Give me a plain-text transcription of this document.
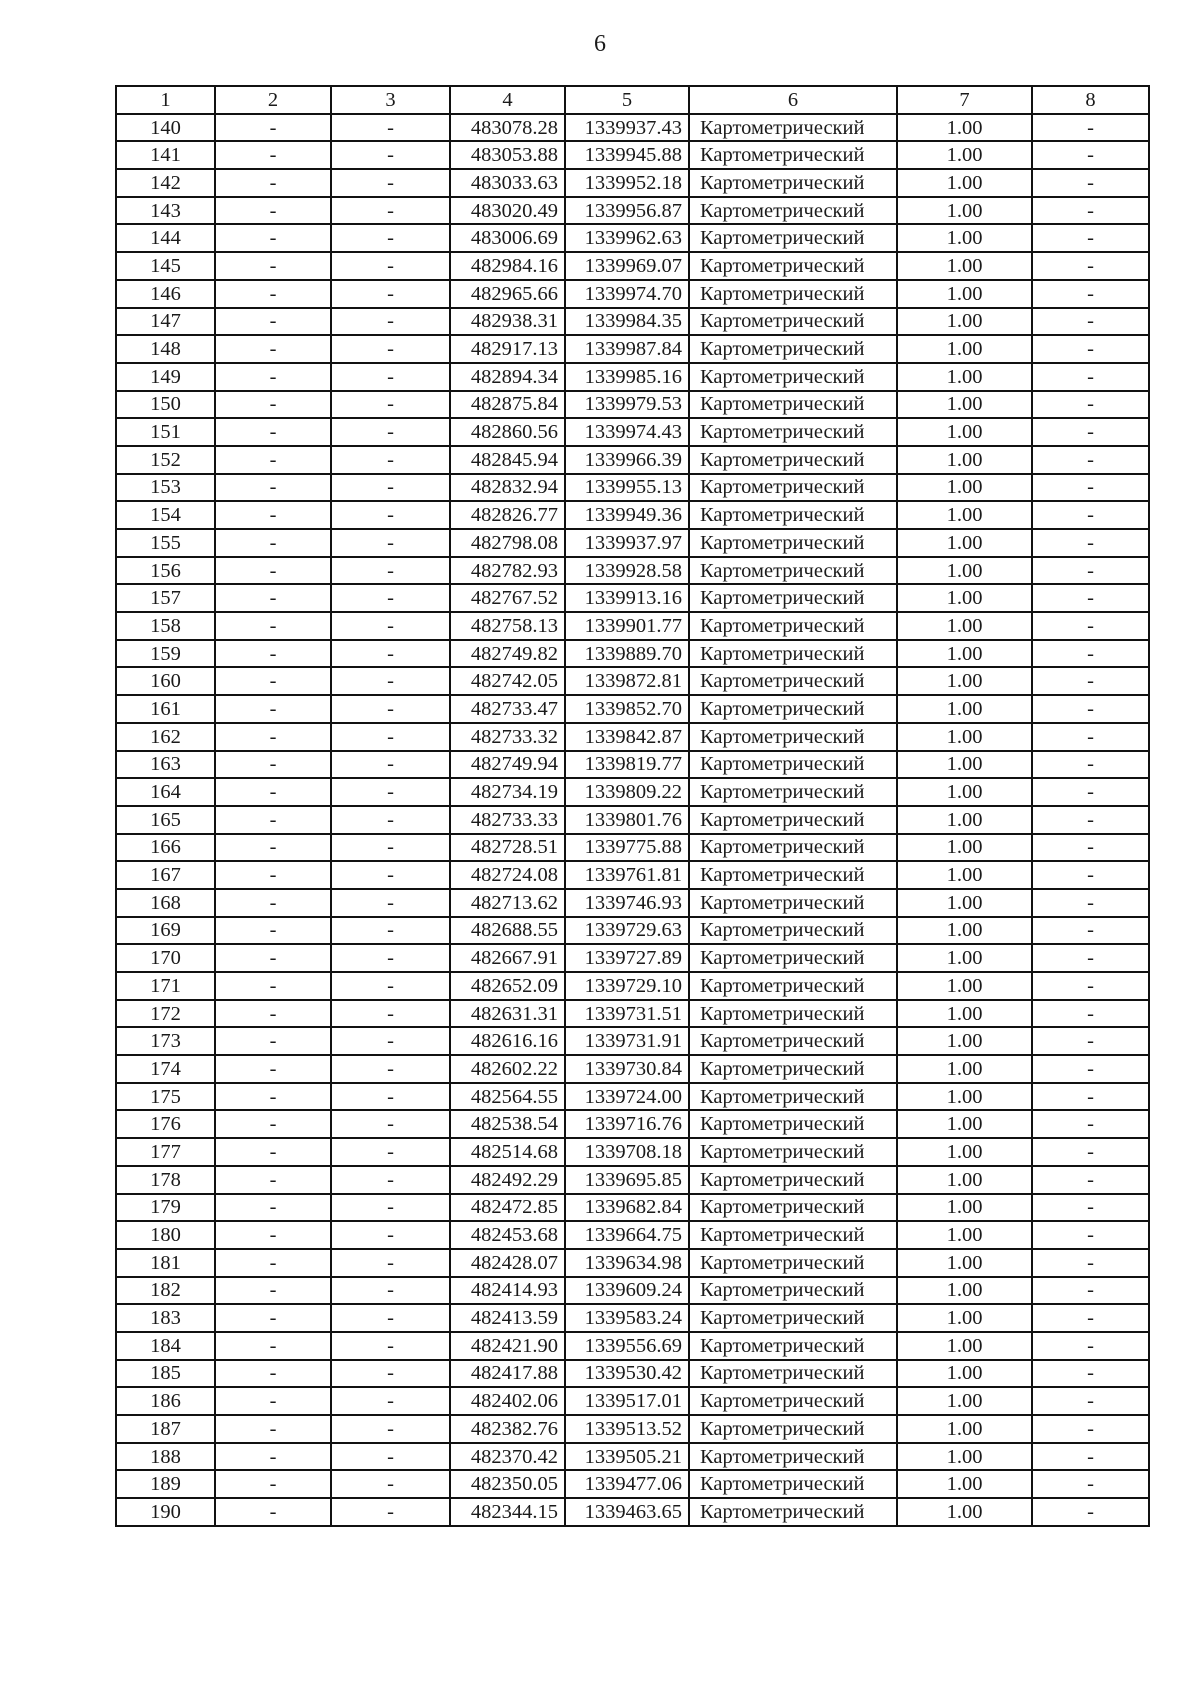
6
1	2	3	4	5	6	7	8
140	-	-	483078.28	1339937.43	Картометрический	1.00	-
141	-	-	483053.88	1339945.88	Картометрический	1.00	-
142	-	-	483033.63	1339952.18	Картометрический	1.00	-
143	-	-	483020.49	1339956.87	Картометрический	1.00	-
144	-	-	483006.69	1339962.63	Картометрический	1.00	-
145	-	-	482984.16	1339969.07	Картометрический	1.00	-
146	-	-	482965.66	1339974.70	Картометрический	1.00	-
147	-	-	482938.31	1339984.35	Картометрический	1.00	-
148	-	-	482917.13	1339987.84	Картометрический	1.00	-
149	-	-	482894.34	1339985.16	Картометрический	1.00	-
150	-	-	482875.84	1339979.53	Картометрический	1.00	-
151	-	-	482860.56	1339974.43	Картометрический	1.00	-
152	-	-	482845.94	1339966.39	Картометрический	1.00	-
153	-	-	482832.94	1339955.13	Картометрический	1.00	-
154	-	-	482826.77	1339949.36	Картометрический	1.00	-
155	-	-	482798.08	1339937.97	Картометрический	1.00	-
156	-	-	482782.93	1339928.58	Картометрический	1.00	-
157	-	-	482767.52	1339913.16	Картометрический	1.00	-
158	-	-	482758.13	1339901.77	Картометрический	1.00	-
159	-	-	482749.82	1339889.70	Картометрический	1.00	-
160	-	-	482742.05	1339872.81	Картометрический	1.00	-
161	-	-	482733.47	1339852.70	Картометрический	1.00	-
162	-	-	482733.32	1339842.87	Картометрический	1.00	-
163	-	-	482749.94	1339819.77	Картометрический	1.00	-
164	-	-	482734.19	1339809.22	Картометрический	1.00	-
165	-	-	482733.33	1339801.76	Картометрический	1.00	-
166	-	-	482728.51	1339775.88	Картометрический	1.00	-
167	-	-	482724.08	1339761.81	Картометрический	1.00	-
168	-	-	482713.62	1339746.93	Картометрический	1.00	-
169	-	-	482688.55	1339729.63	Картометрический	1.00	-
170	-	-	482667.91	1339727.89	Картометрический	1.00	-
171	-	-	482652.09	1339729.10	Картометрический	1.00	-
172	-	-	482631.31	1339731.51	Картометрический	1.00	-
173	-	-	482616.16	1339731.91	Картометрический	1.00	-
174	-	-	482602.22	1339730.84	Картометрический	1.00	-
175	-	-	482564.55	1339724.00	Картометрический	1.00	-
176	-	-	482538.54	1339716.76	Картометрический	1.00	-
177	-	-	482514.68	1339708.18	Картометрический	1.00	-
178	-	-	482492.29	1339695.85	Картометрический	1.00	-
179	-	-	482472.85	1339682.84	Картометрический	1.00	-
180	-	-	482453.68	1339664.75	Картометрический	1.00	-
181	-	-	482428.07	1339634.98	Картометрический	1.00	-
182	-	-	482414.93	1339609.24	Картометрический	1.00	-
183	-	-	482413.59	1339583.24	Картометрический	1.00	-
184	-	-	482421.90	1339556.69	Картометрический	1.00	-
185	-	-	482417.88	1339530.42	Картометрический	1.00	-
186	-	-	482402.06	1339517.01	Картометрический	1.00	-
187	-	-	482382.76	1339513.52	Картометрический	1.00	-
188	-	-	482370.42	1339505.21	Картометрический	1.00	-
189	-	-	482350.05	1339477.06	Картометрический	1.00	-
190	-	-	482344.15	1339463.65	Картометрический	1.00	-
